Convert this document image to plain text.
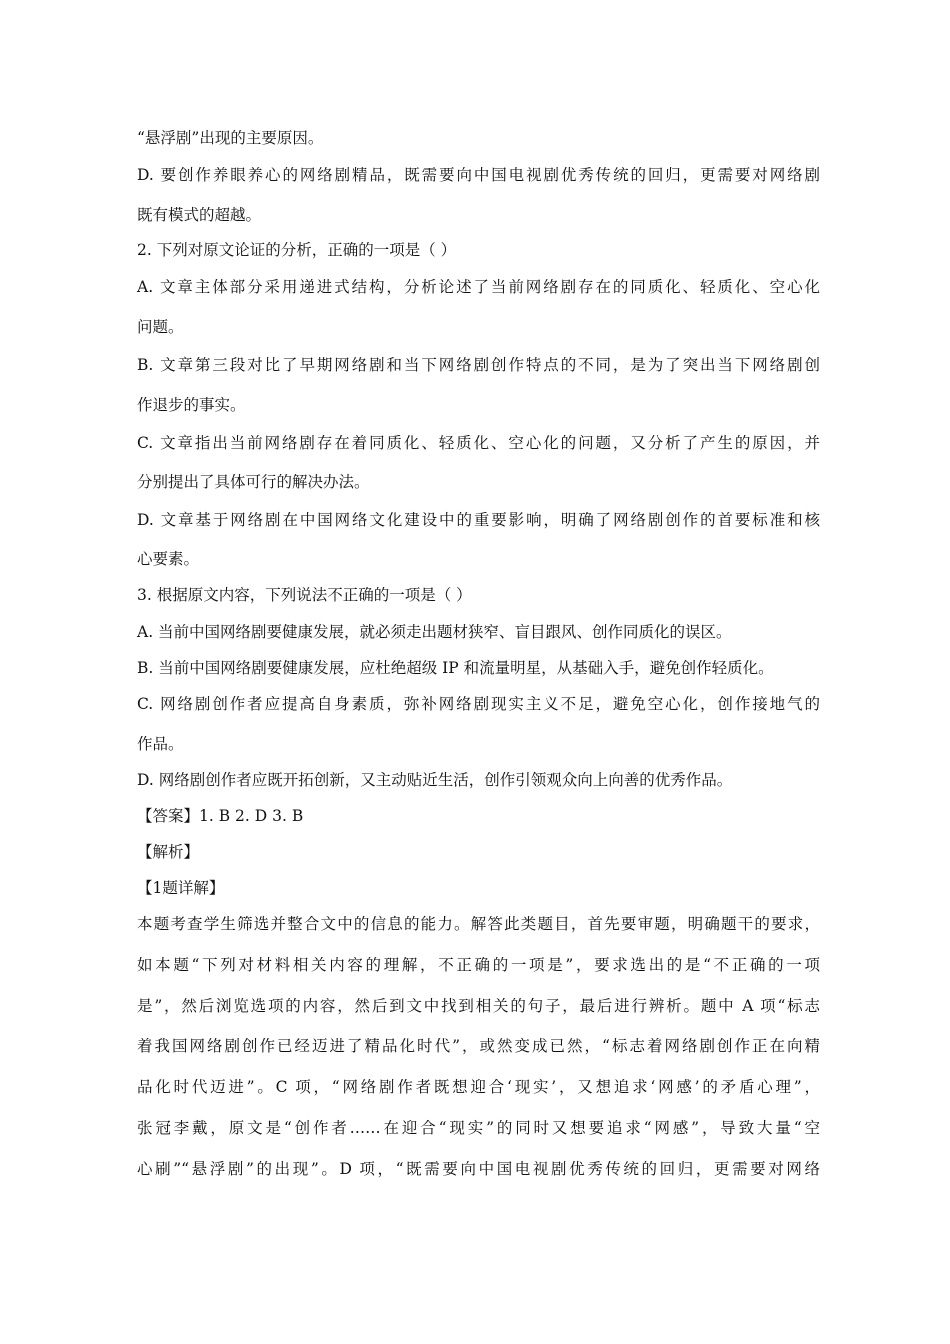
“悬浮剧”出现的主要原因。
D. 要创作养眼养心的网络剧精品，既需要向中国电视剧优秀传统的回归，更需要对网络剧
既有模式的超越。
2. 下列对原文论证的分析，正确的一项是（ ）
A. 文章主体部分采用递进式结构，分析论述了当前网络剧存在的同质化、轻质化、空心化
问题。
B. 文章第三段对比了早期网络剧和当下网络剧创作特点的不同，是为了突出当下网络剧创
作退步的事实。
C. 文章指出当前网络剧存在着同质化、轻质化、空心化的问题，又分析了产生的原因，并
分别提出了具体可行的解决办法。
D. 文章基于网络剧在中国网络文化建设中的重要影响，明确了网络剧创作的首要标准和核
心要素。
3. 根据原文内容，下列说法不正确的一项是（ ）
A. 当前中国网络剧要健康发展，就必须走出题材狭窄、盲目跟风、创作同质化的误区。
B. 当前中国网络剧要健康发展，应杜绝超级 IP 和流量明星，从基础入手，避免创作轻质化。
C. 网络剧创作者应提高自身素质，弥补网络剧现实主义不足，避免空心化，创作接地气的
作品。
D. 网络剧创作者应既开拓创新，又主动贴近生活，创作引领观众向上向善的优秀作品。
【答案】1. B 2. D 3. B
【解析】
【1题详解】
本题考查学生筛选并整合文中的信息的能力。解答此类题目，首先要审题，明确题干的要求，
如本题“下列对材料相关内容的理解，不正确的一项是”，要求选出的是“不正确的一项
是”，然后浏览选项的内容，然后到文中找到相关的句子，最后进行辨析。题中 A 项“标志
着我国网络剧创作已经迈进了精品化时代”，或然变成已然，“标志着网络剧创作正在向精
品化时代迈进”。C 项，“网络剧作者既想迎合‘现实’，又想追求‘网感’的矛盾心理”，
张冠李戴，原文是“创作者……在迎合“现实”的同时又想要追求“网感”，导致大量“空
心刷”“悬浮剧”的出现”。D 项，“既需要向中国电视剧优秀传统的回归，更需要对网络
